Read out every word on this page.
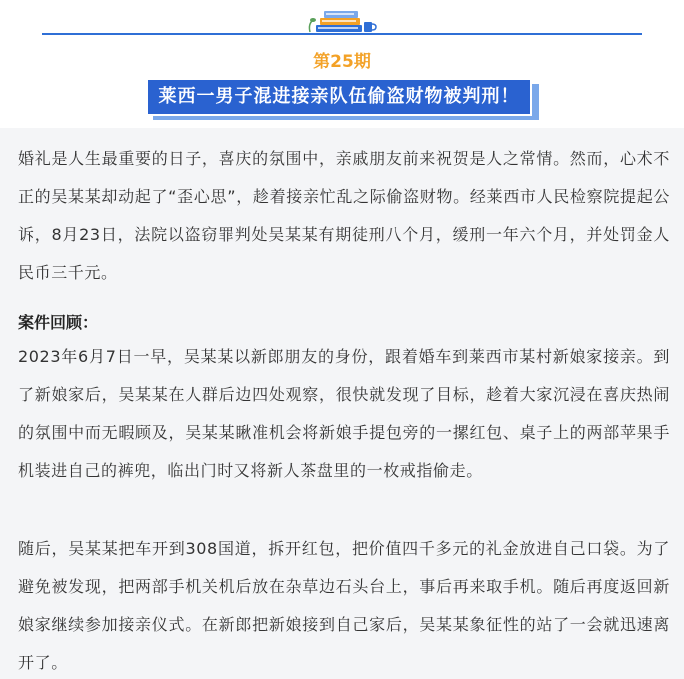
第25期
莱西一男子混进接亲队伍偷盗财物被判刑！

婚礼是人生最重要的日子，喜庆的氛围中，亲戚朋友前来祝贺是人之常情。然而，心术不正的吴某某却动起了“歪心思”，趁着接亲忙乱之际偷盗财物。经莱西市人民检察院提起公诉，8月23日，法院以盗窃罪判处吴某某有期徒刑八个月，缓刑一年六个月，并处罚金人民币三千元。

案件回顾：

2023年6月7日一早，吴某某以新郎朋友的身份，跟着婚车到莱西市某村新娘家接亲。到了新娘家后，吴某某在人群后边四处观察，很快就发现了目标，趁着大家沉浸在喜庆热闹的氛围中而无暇顾及，吴某某瞅准机会将新娘手提包旁的一摞红包、桌子上的两部苹果手机装进自己的裤兜，临出门时又将新人茶盘里的一枚戒指偷走。

随后，吴某某把车开到308国道，拆开红包，把价值四千多元的礼金放进自己口袋。为了避免被发现，把两部手机关机后放在杂草边石头台上，事后再来取手机。随后再度返回新娘家继续参加接亲仪式。在新郎把新娘接到自己家后，吴某某象征性的站了一会就迅速离开了。
